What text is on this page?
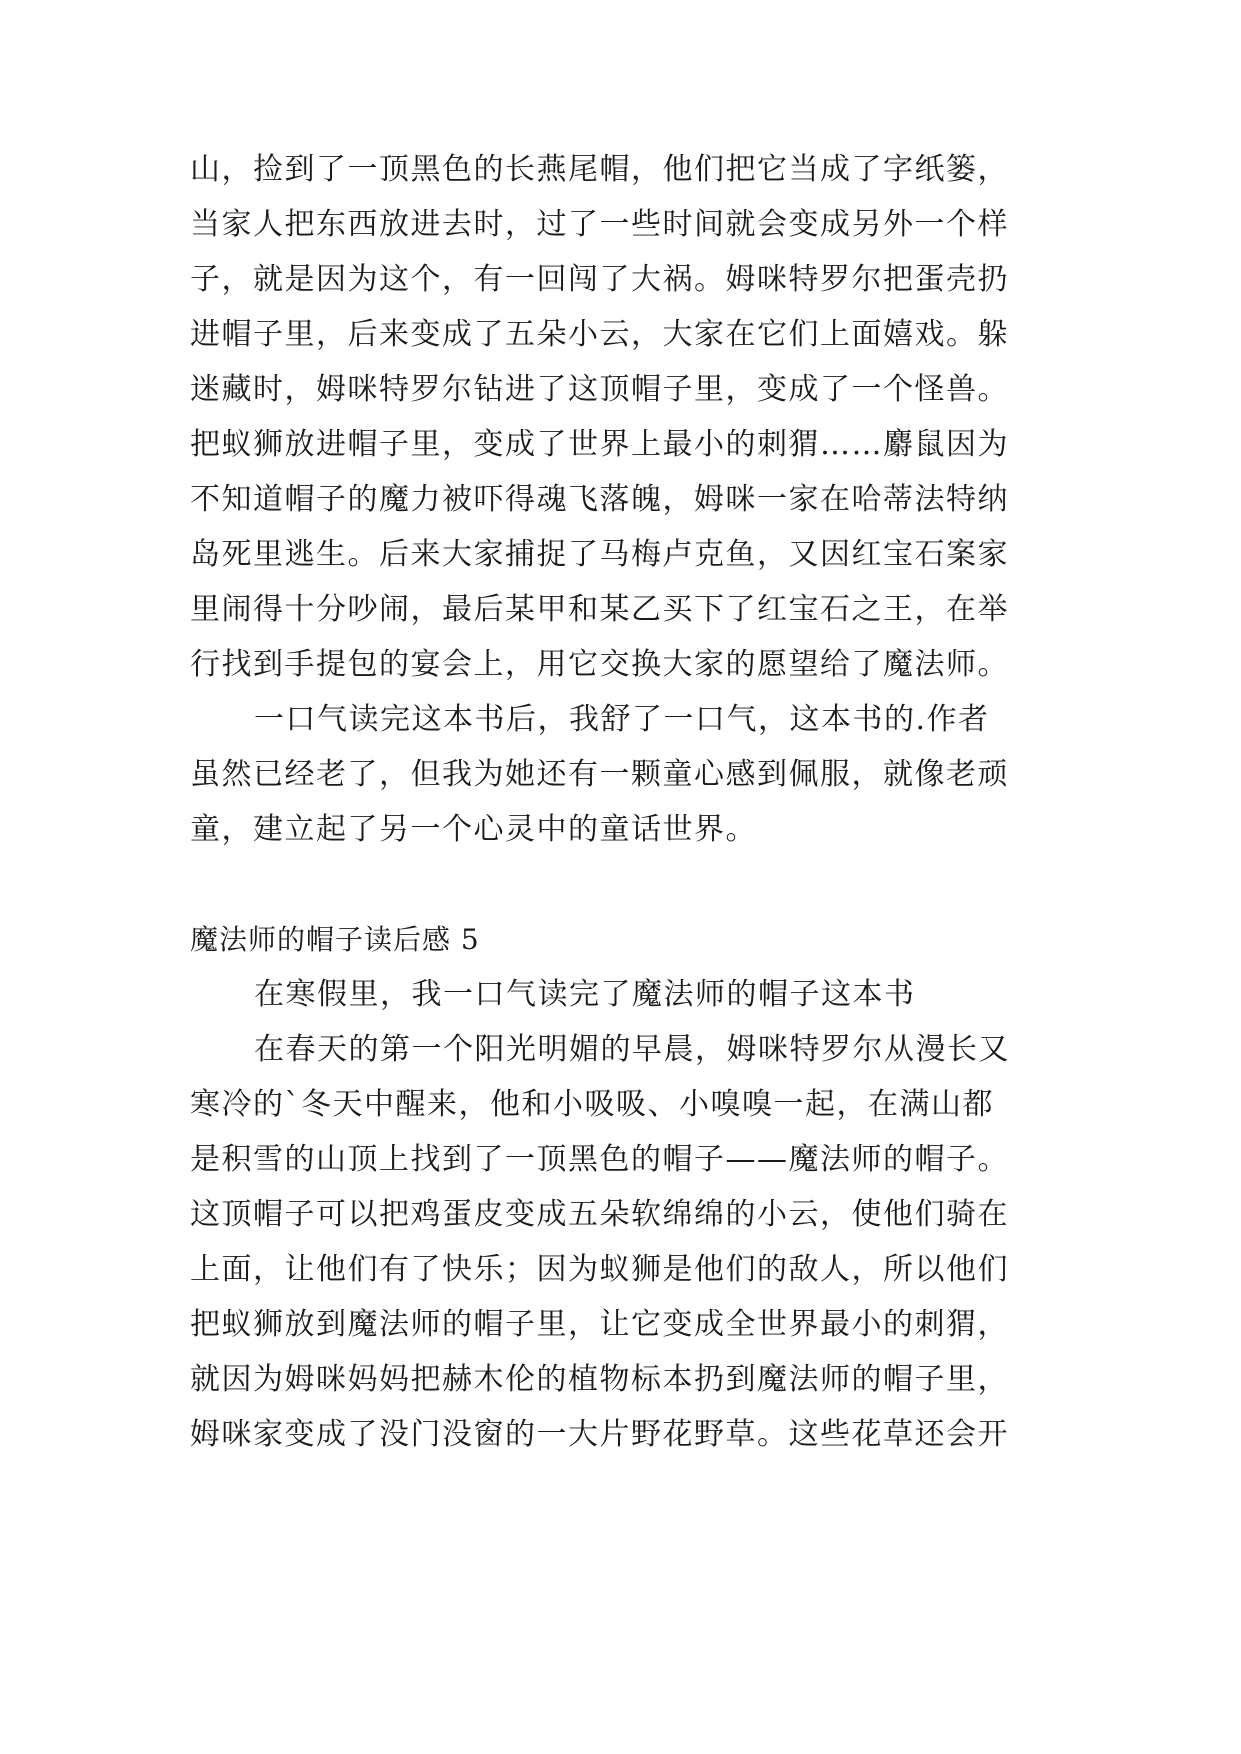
山，捡到了一顶黑色的长燕尾帽，他们把它当成了字纸篓，
当家人把东西放进去时，过了一些时间就会变成另外一个样
子，就是因为这个，有一回闯了大祸。姆咪特罗尔把蛋壳扔
进帽子里，后来变成了五朵小云，大家在它们上面嬉戏。躲
迷藏时，姆咪特罗尔钻进了这顶帽子里，变成了一个怪兽。
把蚁狮放进帽子里，变成了世界上最小的刺猬……麝鼠因为
不知道帽子的魔力被吓得魂飞落魄，姆咪一家在哈蒂法特纳
岛死里逃生。后来大家捕捉了马梅卢克鱼，又因红宝石案家
里闹得十分吵闹，最后某甲和某乙买下了红宝石之王，在举
行找到手提包的宴会上，用它交换大家的愿望给了魔法师。
一口气读完这本书后，我舒了一口气，这本书的.作者
虽然已经老了，但我为她还有一颗童心感到佩服，就像老顽
童，建立起了另一个心灵中的童话世界。
魔法师的帽子读后感 5
在寒假里，我一口气读完了魔法师的帽子这本书
在春天的第一个阳光明媚的早晨，姆咪特罗尔从漫长又
寒冷的`冬天中醒来，他和小吸吸、小嗅嗅一起，在满山都
是积雪的山顶上找到了一顶黑色的帽子——魔法师的帽子。
这顶帽子可以把鸡蛋皮变成五朵软绵绵的小云，使他们骑在
上面，让他们有了快乐；因为蚁狮是他们的敌人，所以他们
把蚁狮放到魔法师的帽子里，让它变成全世界最小的刺猬，
就因为姆咪妈妈把赫木伦的植物标本扔到魔法师的帽子里，
姆咪家变成了没门没窗的一大片野花野草。这些花草还会开
